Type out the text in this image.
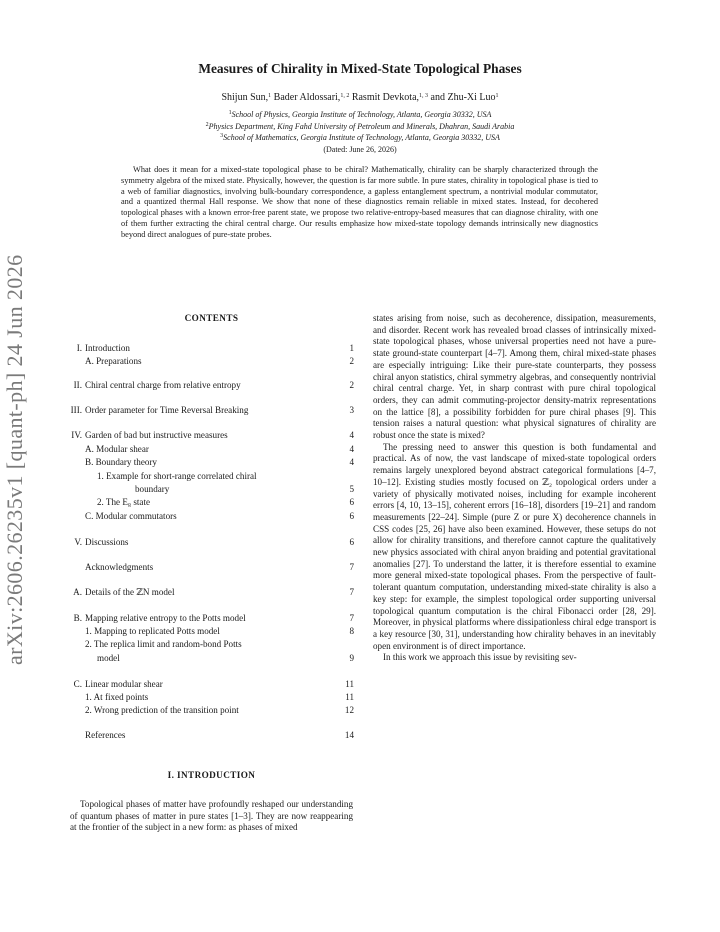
arXiv:2606.26235v1 [quant-ph] 24 Jun 2026
Measures of Chirality in Mixed-State Topological Phases
Shijun Sun,$^1$ Bader Aldossari,$^{1, 2}$ Rasmit Devkota,$^{1, 3}$ and Zhu-Xi Luo$^1$
$^1$School of Physics, Georgia Institute of Technology, Atlanta, Georgia 30332, USA
$^2$Physics Department, King Fahd University of Petroleum and Minerals, Dhahran, Saudi Arabia
$^3$School of Mathematics, Georgia Institute of Technology, Atlanta, Georgia 30332, USA
(Dated: June 26, 2026)
What does it mean for a mixed-state topological phase to be chiral? Mathematically, chirality can be sharply characterized through the symmetry algebra of the mixed state. Physically, however, the question is far more subtle. In pure states, chirality in topological phase is tied to a web of familiar diagnostics, involving bulk-boundary correspondence, a gapless entanglement spectrum, a nontrivial modular commutator, and a quantized thermal Hall response. We show that none of these diagnostics remain reliable in mixed states. Instead, for decohered topological phases with a known error-free parent state, we propose two relative-entropy-based measures that can diagnose chirality, with one of them further extracting the chiral central charge. Our results emphasize how mixed-state topology demands intrinsically new diagnostics beyond direct analogues of pure-state probes.
CONTENTS
I. Introduction	1
A. Preparations	2
II. Chiral central charge from relative entropy	2
III. Order parameter for Time Reversal Breaking	3
IV. Garden of bad but instructive measures	4
A. Modular shear	4
B. Boundary theory	4
1. Example for short-range correlated chiral
boundary	5
2. The E₈ state	6
C. Modular commutators	6
V. Discussions	6
Acknowledgments	7
A. Details of the ℤN model	7
B. Mapping relative entropy to the Potts model	7
1. Mapping to replicated Potts model	8
2. The replica limit and random-bond Potts
model	9
C. Linear modular shear	11
1. At fixed points	11
2. Wrong prediction of the transition point	12
References	14
I. INTRODUCTION
Topological phases of matter have profoundly reshaped our understanding of quantum phases of matter in pure states [1–3]. They are now reappearing at the frontier of the subject in a new form: as phases of mixed

states arising from noise, such as decoherence, dissipation, measurements, and disorder. Recent work has revealed broad classes of intrinsically mixed-state topological phases, whose universal properties need not have a pure-state ground-state counterpart [4–7]. Among them, chiral mixed-state phases are especially intriguing: Like their pure-state counterparts, they possess chiral anyon statistics, chiral symmetry algebras, and consequently nontrivial chiral central charge. Yet, in sharp contrast with pure chiral topological orders, they can admit commuting-projector density-matrix representations on the lattice [8], a possibility forbidden for pure chiral phases [9]. This tension raises a natural question: what physical signatures of chirality are robust once the state is mixed?

The pressing need to answer this question is both fundamental and practical. As of now, the vast landscape of mixed-state topological orders remains largely unexplored beyond abstract categorical formulations [4–7, 10–12]. Existing studies mostly focused on ℤ₂ topological orders under a variety of physically motivated noises, including for example incoherent errors [4, 10, 13–15], coherent errors [16–18], disorders [19–21] and random measurements [22–24]. Simple (pure Z or pure X) decoherence channels in CSS codes [25, 26] have also been examined. However, these setups do not allow for chirality transitions, and therefore cannot capture the qualitatively new physics associated with chiral anyon braiding and potential gravitational anomalies [27]. To understand the latter, it is therefore essential to examine more general mixed-state topological phases. From the perspective of fault-tolerant quantum computation, understanding mixed-state chirality is also a key step: for example, the simplest topological order supporting universal topological quantum computation is the chiral Fibonacci order [28, 29]. Moreover, in physical platforms where dissipationless chiral edge transport is a key resource [30, 31], understanding how chirality behaves in an inevitably open environment is of direct importance.

In this work we approach this issue by revisiting sev-
